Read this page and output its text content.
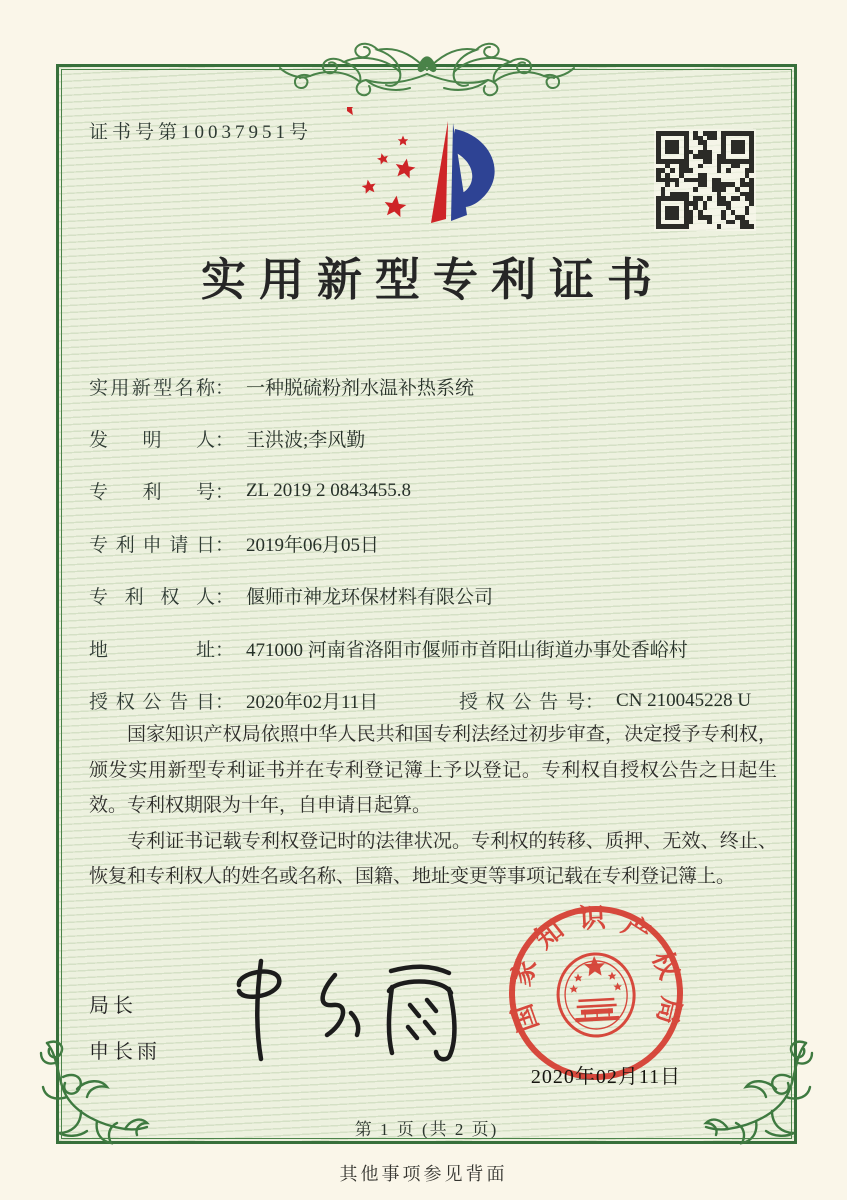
证书号第10037951号
实用新型专利证书
实用新型名称 ： 一种脱硫粉剂水温补热系统
发明人 ： 王洪波;李风勤
专利号 ： ZL 2019 2 0843455.8
专利申请日 ： 2019年06月05日
专利权人 ： 偃师市神龙环保材料有限公司
地址 ： 471000 河南省洛阳市偃师市首阳山街道办事处香峪村
授权公告日 ： 2020年02月11日	授权公告号 ： CN 210045228 U

国家知识产权局依照中华人民共和国专利法经过初步审查，决定授予专利权，颁发实用新型专利证书并在专利登记簿上予以登记。专利权自授权公告之日起生效。专利权期限为十年，自申请日起算。

专利证书记载专利权登记时的法律状况。专利权的转移、质押、无效、终止、恢复和专利权人的姓名或名称、国籍、地址变更等事项记载在专利登记簿上。

局长
申长雨
国家知识产权局
2020年02月11日
第 1 页 (共 2 页)
其他事项参见背面
